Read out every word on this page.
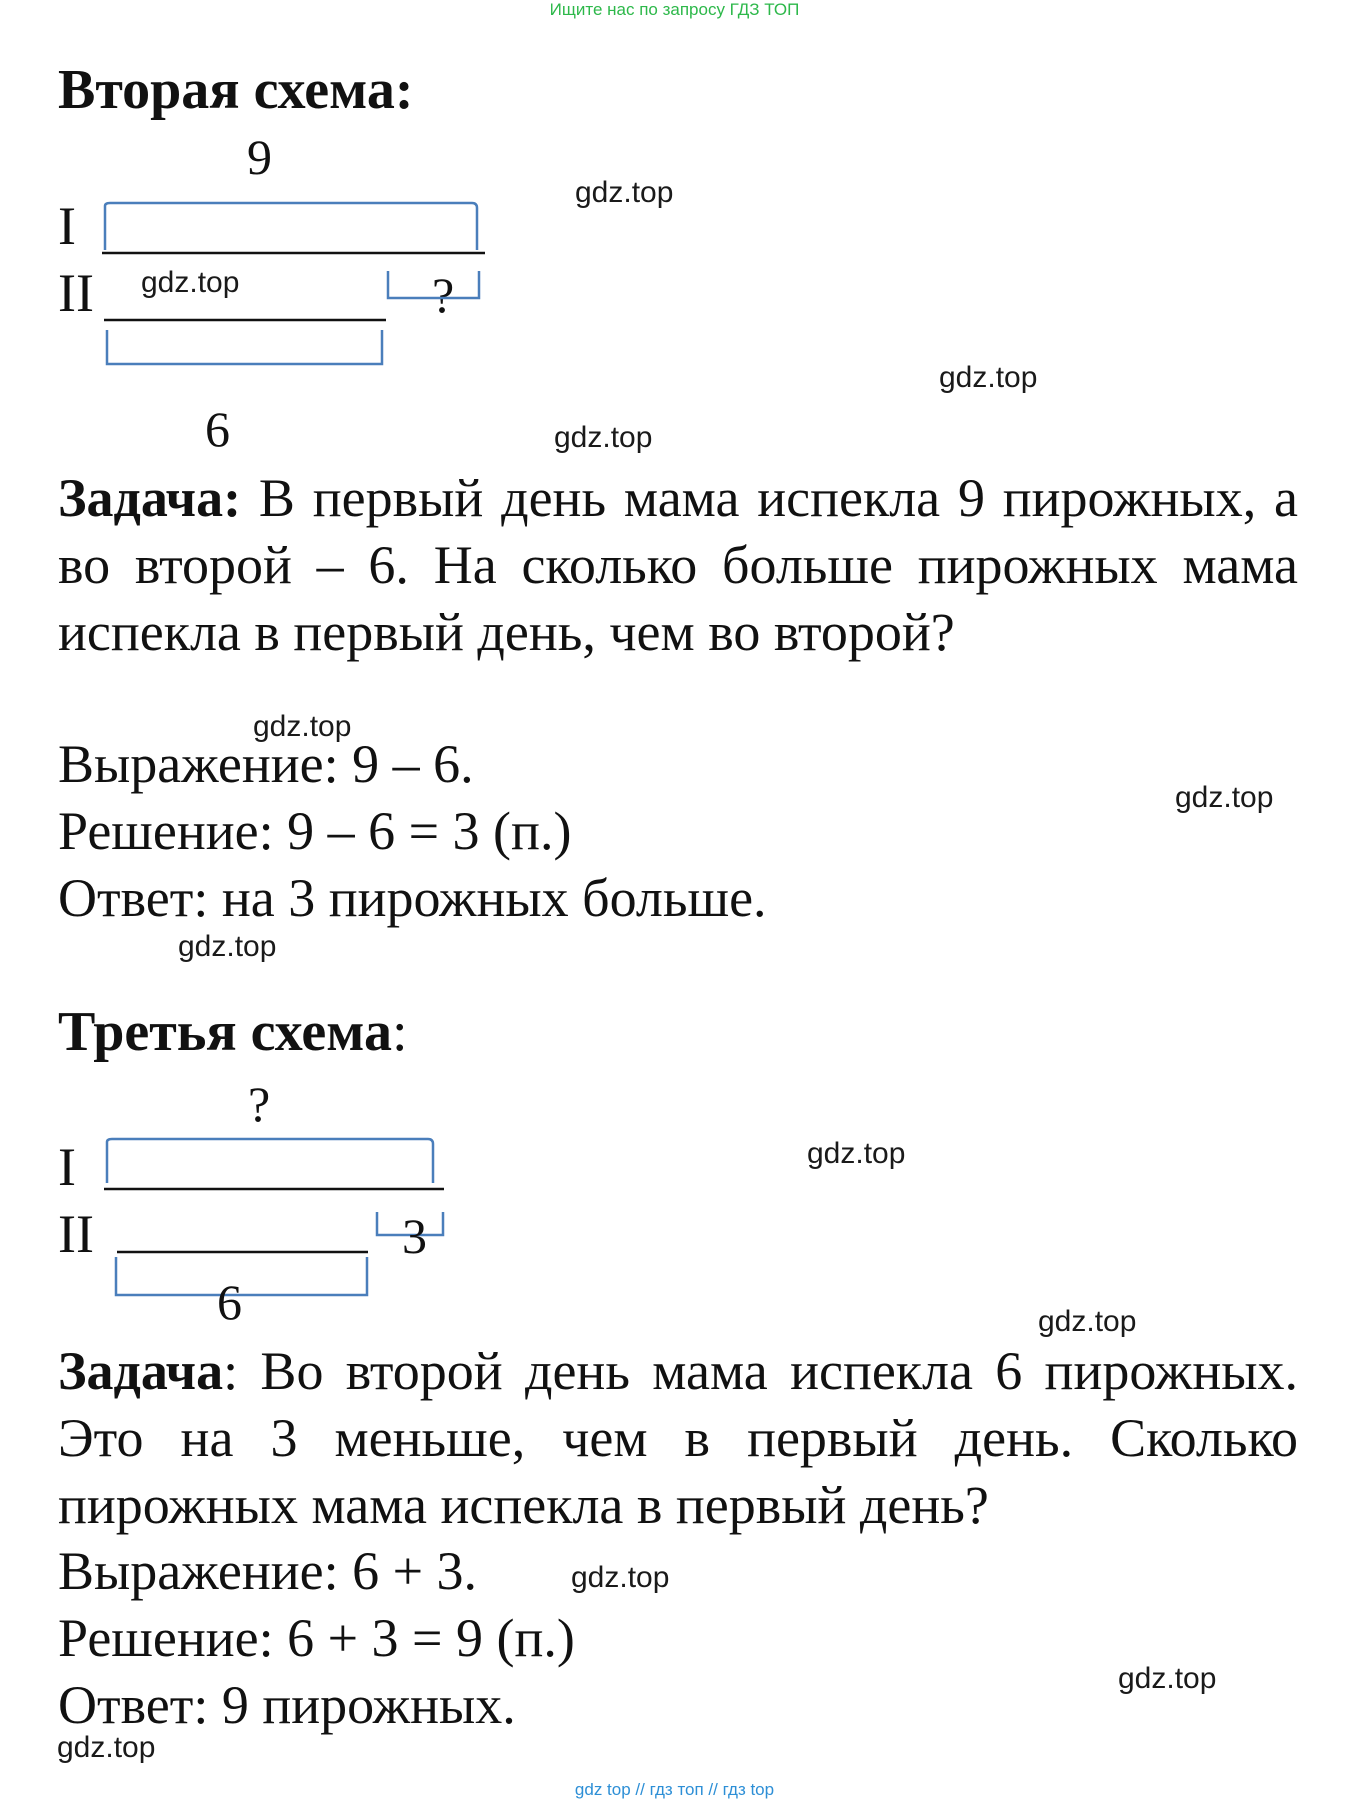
Ищите нас по запросу ГДЗ ТОП
Вторая схема:
9
I
II	?
6
Задача: В первый день мама испекла 9 пирожных, а во второй – 6. На сколько больше пирожных мама испекла в первый день, чем во второй?
Выражение: 9 – 6.
Решение: 9 – 6 = 3 (п.)
Ответ: на 3 пирожных больше.
Третья схема:
?
I
II	3
6
Задача: Во второй день мама испекла 6 пирожных. Это на 3 меньше, чем в первый день. Сколько пирожных мама испекла в первый день?
Выражение: 6 + 3.
Решение: 6 + 3 = 9 (п.)
Ответ: 9 пирожных.
gdz.top
gdz.top
gdz.top
gdz.top
gdz.top
gdz.top
gdz.top
gdz.top
gdz.top
gdz.top
gdz.top
gdz.top
gdz top // гдз топ // гдз top
